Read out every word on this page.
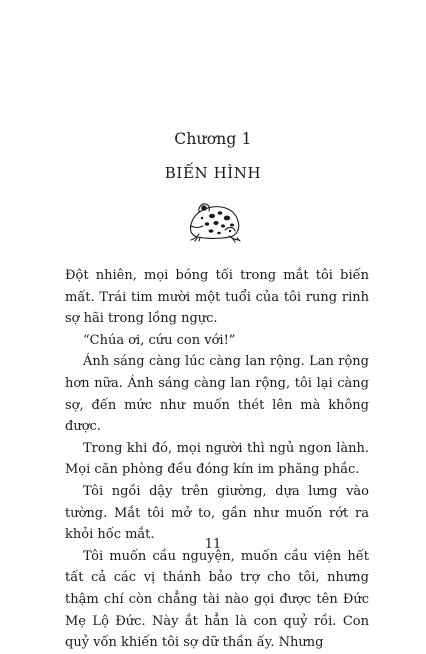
Chương 1
BIẾN HÌNH

Đột nhiên, mọi bóng tối trong mắt tôi biến mất. Trái tim mười một tuổi của tôi rung rinh sợ hãi trong lồng ngực.

“Chúa ơi, cứu con với!”

Ánh sáng càng lúc càng lan rộng. Lan rộng hơn nữa. Ánh sáng càng lan rộng, tôi lại càng sợ, đến mức như muốn thét lên mà không được.

Trong khi đó, mọi người thì ngủ ngon lành. Mọi căn phòng đều đóng kín im phăng phắc.

Tôi ngồi dậy trên giường, dựa lưng vào tường. Mắt tôi mở to, gần như muốn rớt ra khỏi hốc mắt.

Tôi muốn cầu nguyện, muốn cầu viện hết tất cả các vị thánh bảo trợ cho tôi, nhưng thậm chí còn chẳng tài nào gọi được tên Đức Mẹ Lộ Đức. Này ắt hẳn là con quỷ rồi. Con quỷ vốn khiến tôi sợ dữ thần ấy. Nhưng

11
